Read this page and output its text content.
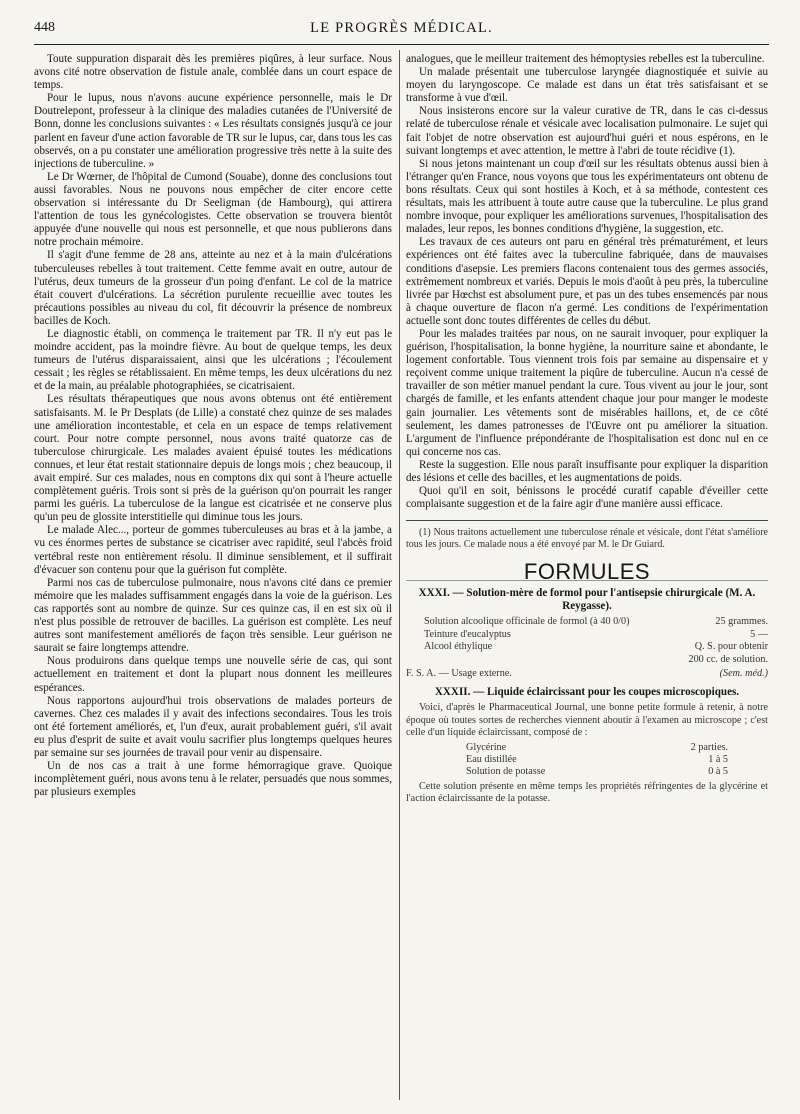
448	LE PROGRÈS MÉDICAL.

Toute suppuration disparait dès les premières piqûres, à leur surface. Nous avons cité notre observation de fistule anale, comblée dans un court espace de temps.

Pour le lupus, nous n'avons aucune expérience personnelle, mais le Dr Doutrelepont, professeur à la clinique des maladies cutanées de l'Université de Bonn, donne les conclusions suivantes : « Les résultats consignés jusqu'à ce jour parlent en faveur d'une action favorable de TR sur le lupus, car, dans tous les cas observés, on a pu constater une amélioration progressive très nette à la suite des injections de tuberculine. »

Le Dr Wœrner, de l'hôpital de Cumond (Souabe), donne des conclusions tout aussi favorables. Nous ne pouvons nous empêcher de citer encore cette observation si intéressante du Dr Seeligman (de Hambourg), qui attirera l'attention de tous les gynécologistes. Cette observation se trouvera bientôt appuyée d'une nouvelle qui nous est personnelle, et que nous publierons dans notre prochain mémoire.

Il s'agit d'une femme de 28 ans, atteinte au nez et à la main d'ulcérations tuberculeuses rebelles à tout traitement. Cette femme avait en outre, autour de l'utérus, deux tumeurs de la grosseur d'un poing d'enfant. Le col de la matrice était couvert d'ulcérations. La sécrétion purulente recueillie avec toutes les précautions possibles au niveau du col, fit découvrir la présence de nombreux bacilles de Koch.

Le diagnostic établi, on commença le traitement par TR. Il n'y eut pas le moindre accident, pas la moindre fièvre. Au bout de quelque temps, les deux tumeurs de l'utérus disparaissaient, ainsi que les ulcérations ; l'écoulement cessait ; les règles se rétablissaient. En même temps, les deux ulcérations du nez et de la main, au préalable photographiées, se cicatrisaient.

Les résultats thérapeutiques que nous avons obtenus ont été entièrement satisfaisants. M. le Pr Desplats (de Lille) a constaté chez quinze de ses malades une amélioration incontestable, et cela en un espace de temps relativement court. Pour notre compte personnel, nous avons traité quatorze cas de tuberculose chirurgicale. Les malades avaient épuisé toutes les médications connues, et leur état restait stationnaire depuis de longs mois ; chez beaucoup, il avait empiré. Sur ces malades, nous en comptons dix qui sont à l'heure actuelle complètement guéris. Trois sont si près de la guérison qu'on pourrait les ranger parmi les guéris. La tuberculose de la langue est cicatrisée et ne conserve plus qu'un peu de glossite interstitielle qui diminue tous les jours.

Le malade Alec..., porteur de gommes tuberculeuses au bras et à la jambe, a vu ces énormes pertes de substance se cicatriser avec rapidité, seul l'abcès froid vertébral reste non entièrement résolu. Il diminue sensiblement, et il suffirait d'évacuer son contenu pour que la guérison fut complète.

Parmi nos cas de tuberculose pulmonaire, nous n'avons cité dans ce premier mémoire que les malades suffisamment engagés dans la voie de la guérison. Les cas rapportés sont au nombre de quinze. Sur ces quinze cas, il en est six où il n'est plus possible de retrouver de bacilles. La guérison est complète. Les neuf autres sont manifestement améliorés de façon très sensible. Leur guérison ne saurait se faire longtemps attendre.

Nous produirons dans quelque temps une nouvelle série de cas, qui sont actuellement en traitement et dont la plupart nous donnent les meilleures espérances.

Nous rapportons aujourd'hui trois observations de malades porteurs de cavernes. Chez ces malades il y avait des infections secondaires. Tous les trois ont été fortement améliorés, et, l'un d'eux, aurait probablement guéri, s'il avait eu plus d'esprit de suite et avait voulu sacrifier plus longtemps quelques heures par semaine sur ses journées de travail pour venir au dispensaire.

Un de nos cas a trait à une forme hémorragique grave. Quoique incomplètement guéri, nous avons tenu à le relater, persuadés que nous sommes, par plusieurs exemples

analogues, que le meilleur traitement des hémoptysies rebelles est la tuberculine.

Un malade présentait une tuberculose laryngée diagnostiquée et suivie au moyen du laryngoscope. Ce malade est dans un état très satisfaisant et se transforme à vue d'œil.

Nous insisterons encore sur la valeur curative de TR, dans le cas ci-dessus relaté de tuberculose rénale et vésicale avec localisation pulmonaire. Le sujet qui fait l'objet de notre observation est aujourd'hui guéri et nous espérons, en le suivant longtemps et avec attention, le mettre à l'abri de toute récidive (1).

Si nous jetons maintenant un coup d'œil sur les résultats obtenus aussi bien à l'étranger qu'en France, nous voyons que tous les expérimentateurs ont obtenu de bons résultats. Ceux qui sont hostiles à Koch, et à sa méthode, contestent ces résultats, mais les attribuent à toute autre cause que la tuberculine. Le plus grand nombre invoque, pour expliquer les améliorations survenues, l'hospitalisation des malades, leur repos, les bonnes conditions d'hygiène, la suggestion, etc.

Les travaux de ces auteurs ont paru en général très prématurément, et leurs expériences ont été faites avec la tuberculine fabriquée, dans de mauvaises conditions d'asepsie. Les premiers flacons contenaient tous des germes associés, extrêmement nombreux et variés. Depuis le mois d'août à peu près, la tuberculine livrée par Hœchst est absolument pure, et pas un des tubes ensemencés par nous à chaque ouverture de flacon n'a germé. Les conditions de l'expérimentation actuelle sont donc toutes différentes de celles du début.

Pour les malades traitées par nous, on ne saurait invoquer, pour expliquer la guérison, l'hospitalisation, la bonne hygiène, la nourriture saine et abondante, le logement confortable. Tous viennent trois fois par semaine au dispensaire et y reçoivent comme unique traitement la piqûre de tuberculine. Aucun n'a cessé de travailler de son métier manuel pendant la cure. Tous vivent au jour le jour, sont chargés de famille, et les enfants attendent chaque jour pour manger le modeste gain journalier. Les vêtements sont de misérables haillons, et, de ce côté seulement, les dames patronesses de l'Œuvre ont pu améliorer la situation. L'argument de l'influence prépondérante de l'hospitalisation est donc nul en ce qui concerne nos cas.

Reste la suggestion. Elle nous paraît insuffisante pour expliquer la disparition des lésions et celle des bacilles, et les augmentations de poids.

Quoi qu'il en soit, bénissons le procédé curatif capable d'éveiller cette complaisante suggestion et de la faire agir d'une manière aussi efficace.

(1) Nous traitons actuellement une tuberculose rénale et vésicale, dont l'état s'améliore tous les jours. Ce malade nous a été envoyé par M. le Dr Guiard.

FORMULES
XXXI. — Solution-mère de formol pour l'antisepsie chirurgicale (M. A. Reygasse).
Solution alcoolique officinale de formol (à 40 0/0)	25 grammes.
Teinture d'eucalyptus	5 —
Alcool éthylique	Q. S. pour obtenir
200 cc. de solution.
F. S. A. — Usage externe.	(Sem. méd.)
XXXII. — Liquide éclaircissant pour les coupes microscopiques.

Voici, d'après le Pharmaceutical Journal, une bonne petite formule à retenir, à notre époque où toutes sortes de recherches viennent aboutir à l'examen au microscope ; c'est celle d'un liquide éclaircissant, composé de :

Glycérine	2 parties.
Eau distillée	1 à 5
Solution de potasse	0 à 5

Cette solution présente en même temps les propriétés réfringentes de la glycérine et l'action éclaircissante de la potasse.
